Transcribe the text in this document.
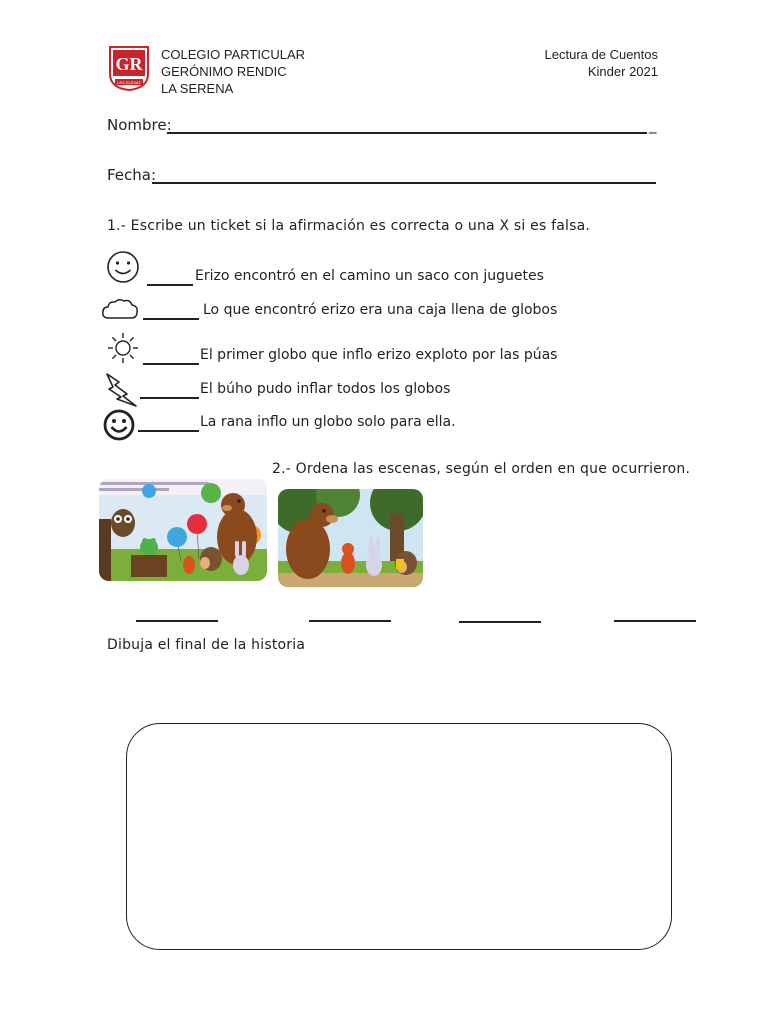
GR
LEX ELEVAT
COLEGIO PARTICULAR
GERÓNIMO RENDIC
LA SERENA
Lectura de Cuentos
Kinder 2021
Nombre:	_
Fecha:
1.- Escribe un ticket si la afirmación es correcta o una X si es falsa.
Erizo encontró en el camino un saco con juguetes
Lo que encontró erizo era una caja llena de globos
El primer globo que inflo erizo exploto por las púas
El búho pudo inflar todos los globos
La rana inflo un globo solo para ella.
2.- Ordena las escenas, según el orden en que ocurrieron.
Dibuja el final de la historia
